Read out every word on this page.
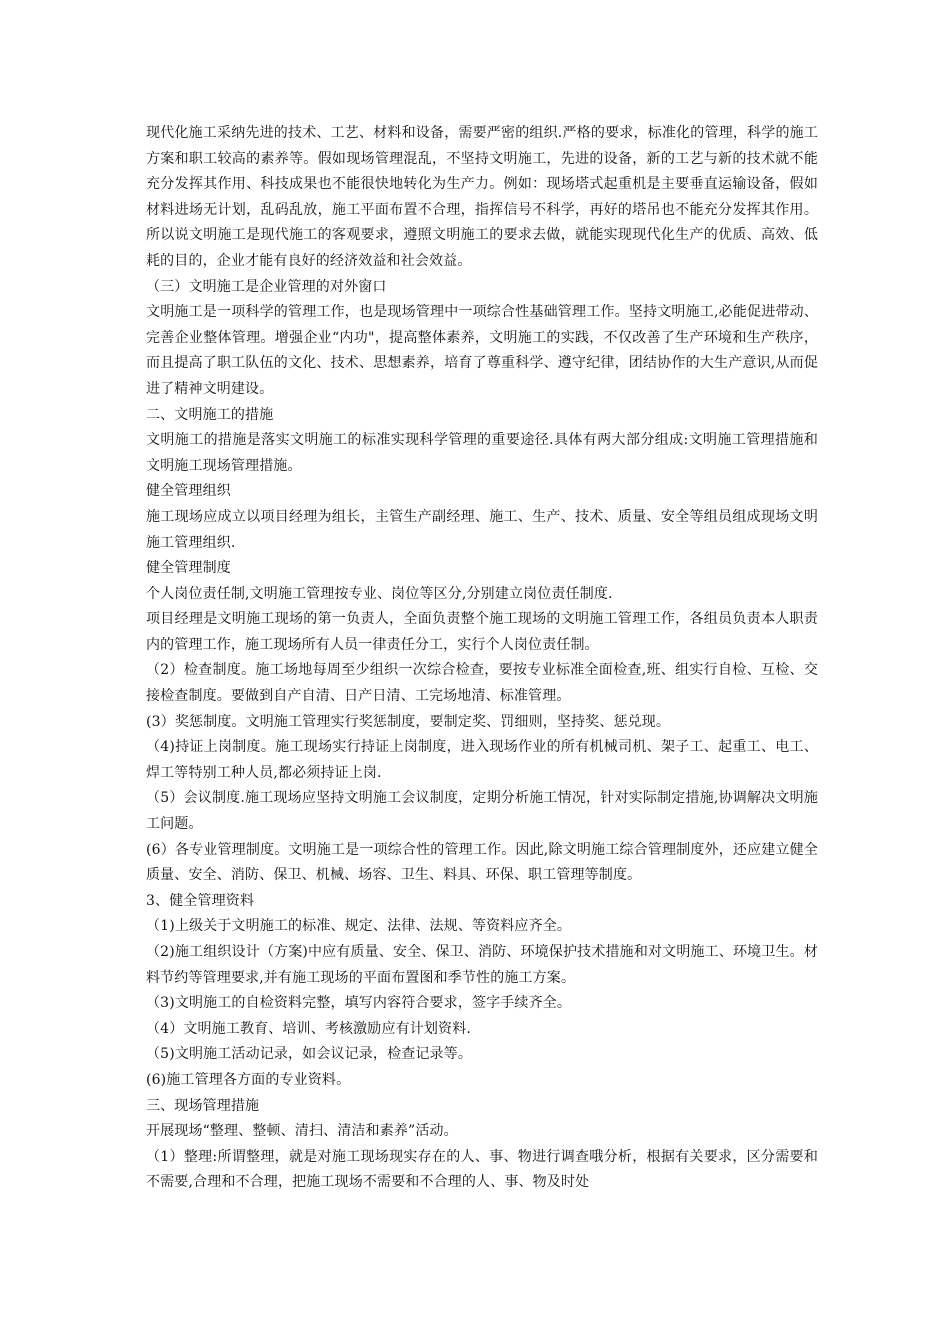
现代化施工采纳先进的技术、工艺、材料和设备，需要严密的组织.严格的要求，标准化的管理，科学的施工方案和职工较高的素养等。假如现场管理混乱，不坚持文明施工，先进的设备，新的工艺与新的技术就不能充分发挥其作用、科技成果也不能很快地转化为生产力。例如：现场塔式起重机是主要垂直运输设备，假如材料进场无计划，乱码乱放，施工平面布置不合理，指挥信号不科学，再好的塔吊也不能充分发挥其作用。所以说文明施工是现代施工的客观要求，遵照文明施工的要求去做，就能实现现代化生产的优质、高效、低耗的目的，企业才能有良好的经济效益和社会效益。

（三）文明施工是企业管理的对外窗口

文明施工是一项科学的管理工作，也是现场管理中一项综合性基础管理工作。坚持文明施工,必能促进带动、完善企业整体管理。增强企业“内功"，提高整体素养，文明施工的实践，不仅改善了生产环境和生产秩序，而且提高了职工队伍的文化、技术、思想素养，培育了尊重科学、遵守纪律，团结协作的大生产意识,从而促进了精神文明建设。

二、文明施工的措施

文明施工的措施是落实文明施工的标准实现科学管理的重要途径.具体有两大部分组成:文明施工管理措施和文明施工现场管理措施。

健全管理组织

施工现场应成立以项目经理为组长，主管生产副经理、施工、生产、技术、质量、安全等组员组成现场文明施工管理组织.

健全管理制度

个人岗位责任制,文明施工管理按专业、岗位等区分,分别建立岗位责任制度.

项目经理是文明施工现场的第一负责人，全面负责整个施工现场的文明施工管理工作，各组员负责本人职责内的管理工作，施工现场所有人员一律责任分工，实行个人岗位责任制。

（2）检查制度。施工场地每周至少组织一次综合检查，要按专业标准全面检查,班、组实行自检、互检、交接检查制度。要做到自产自清、日产日清、工完场地清、标准管理。

(3）奖惩制度。文明施工管理实行奖惩制度，要制定奖、罚细则，坚持奖、惩兑现。

（4)持证上岗制度。施工现场实行持证上岗制度，进入现场作业的所有机械司机、架子工、起重工、电工、焊工等特别工种人员,都必须持证上岗.

（5）会议制度.施工现场应坚持文明施工会议制度，定期分析施工情况，针对实际制定措施,协调解决文明施工问题。

(6）各专业管理制度。文明施工是一项综合性的管理工作。因此,除文明施工综合管理制度外，还应建立健全质量、安全、消防、保卫、机械、场容、卫生、料具、环保、职工管理等制度。

3、健全管理资料

（1)上级关于文明施工的标准、规定、法律、法规、等资料应齐全。

（2)施工组织设计（方案)中应有质量、安全、保卫、消防、环境保护技术措施和对文明施工、环境卫生。材料节约等管理要求,并有施工现场的平面布置图和季节性的施工方案。

（3)文明施工的自检资料完整，填写内容符合要求，签字手续齐全。

（4）文明施工教育、培训、考核激励应有计划资料.

（5)文明施工活动记录，如会议记录，检查记录等。

(6)施工管理各方面的专业资料。

三、现场管理措施

开展现场“整理、整顿、清扫、清洁和素养”活动。

（1）整理:所谓整理，就是对施工现场现实存在的人、事、物进行调查哦分析，根据有关要求，区分需要和不需要,合理和不合理，把施工现场不需要和不合理的人、事、物及时处
